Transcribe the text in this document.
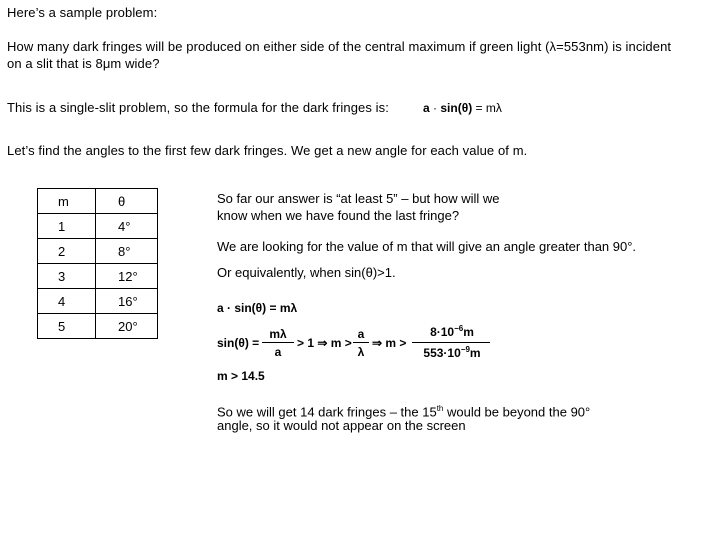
Here’s a sample problem:

How many dark fringes will be produced on either side of the central maximum if green light (λ=553nm) is incident

on a slit that is 8μm wide?

This is a single-slit problem, so the formula for the dark fringes is:	a · sin(θ) = mλ

Let’s find the angles to the first few dark fringes. We get a new angle for each value of m.

m	θ
1	4°
2	8°
3	12°
4	16°
5	20°

So far our answer is “at least 5” – but how will we

know when we have found the last fringe?

We are looking for the value of m that will give an angle greater than 90°.

Or equivalently, when sin(θ)>1.

a · sin(θ) = mλ
sin(θ) =
mλ
a
> 1 ⇒ m >
a
λ
⇒ m >
$8\cdot 10^{-6}m$
$553\cdot 10^{-9}m$
m > 14.5

So we will get 14 dark fringes – the 15th would be beyond the 90°

angle, so it would not appear on the screen
